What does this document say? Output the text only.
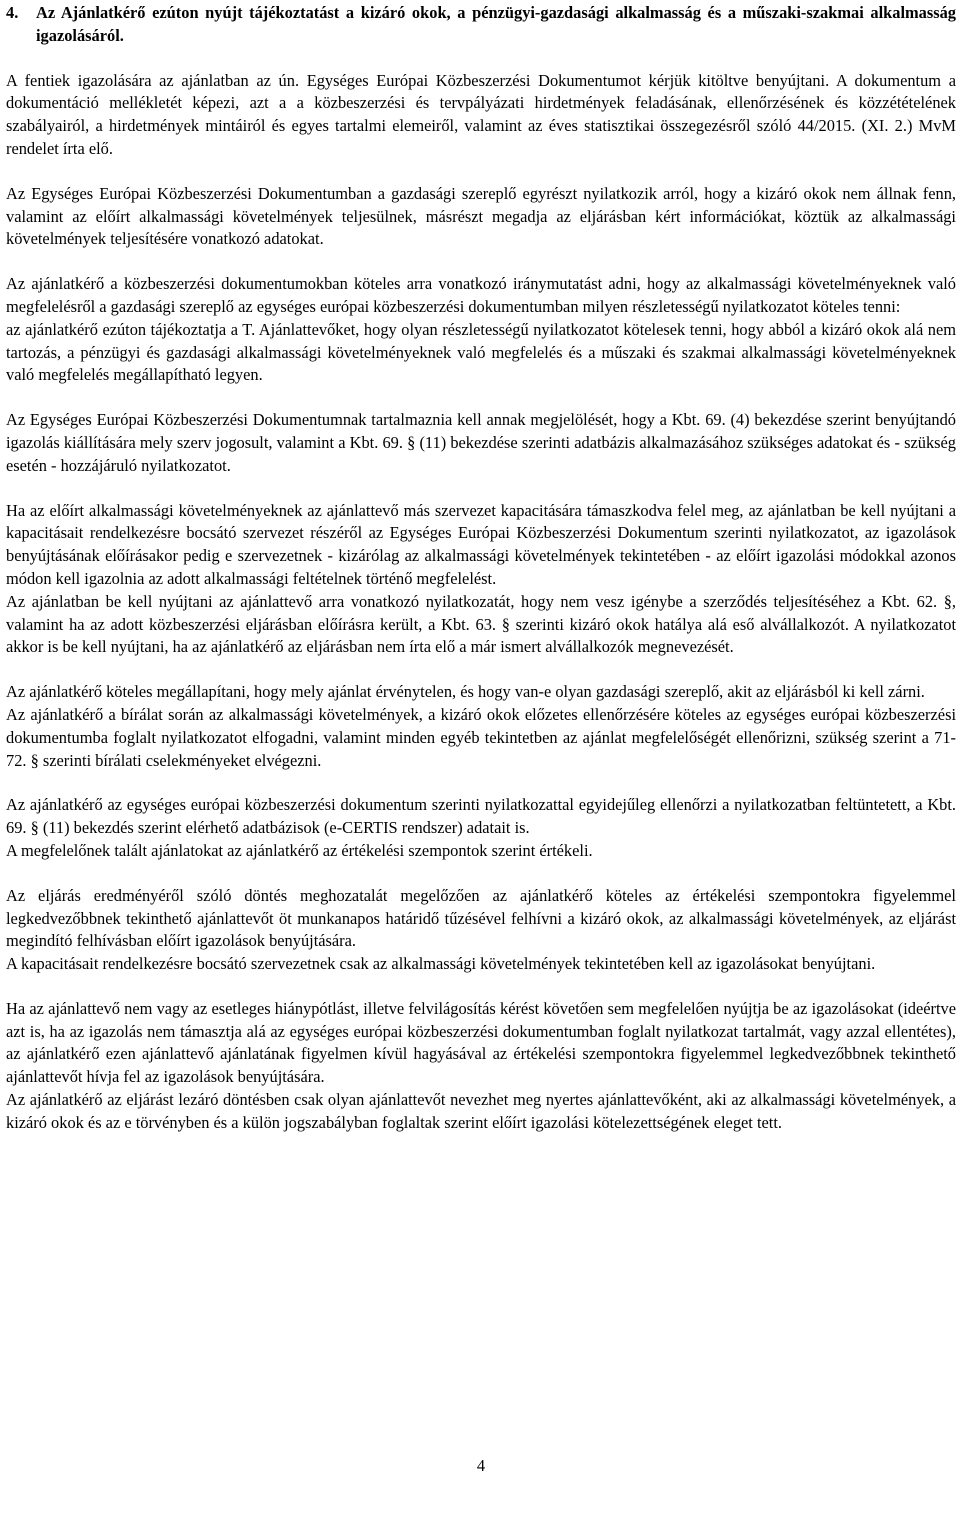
4.	Az Ajánlatkérő ezúton nyújt tájékoztatást a kizáró okok, a pénzügyi-gazdasági alkalmasság és a műszaki-szakmai alkalmasság igazolásáról.

A fentiek igazolására az ajánlatban az ún. Egységes Európai Közbeszerzési Dokumentumot kérjük kitöltve benyújtani. A dokumentum a dokumentáció mellékletét képezi, azt a a közbeszerzési és tervpályázati hirdetmények feladásának, ellenőrzésének és közzétételének szabályairól, a hirdetmények mintáiról és egyes tartalmi elemeiről, valamint az éves statisztikai összegezésről szóló 44/2015. (XI. 2.) MvM rendelet írta elő.

Az Egységes Európai Közbeszerzési Dokumentumban a gazdasági szereplő egyrészt nyilatkozik arról, hogy a kizáró okok nem állnak fenn, valamint az előírt alkalmassági követelmények teljesülnek, másrészt megadja az eljárásban kért információkat, köztük az alkalmassági követelmények teljesítésére vonatkozó adatokat.

Az ajánlatkérő a közbeszerzési dokumentumokban köteles arra vonatkozó iránymutatást adni, hogy az alkalmassági követelményeknek való megfelelésről a gazdasági szereplő az egységes európai közbeszerzési dokumentumban milyen részletességű nyilatkozatot köteles tenni:

az ajánlatkérő ezúton tájékoztatja a T. Ajánlattevőket, hogy olyan részletességű nyilatkozatot kötelesek tenni, hogy abból a kizáró okok alá nem tartozás, a pénzügyi és gazdasági alkalmassági követelményeknek való megfelelés és a műszaki és szakmai alkalmassági követelményeknek való megfelelés megállapítható legyen.

Az Egységes Európai Közbeszerzési Dokumentumnak tartalmaznia kell annak megjelölését, hogy a Kbt. 69. (4) bekezdése szerint benyújtandó igazolás kiállítására mely szerv jogosult, valamint a Kbt. 69. § (11) bekezdése szerinti adatbázis alkalmazásához szükséges adatokat és - szükség esetén - hozzájáruló nyilatkozatot.

Ha az előírt alkalmassági követelményeknek az ajánlattevő más szervezet kapacitására támaszkodva felel meg, az ajánlatban be kell nyújtani a kapacitásait rendelkezésre bocsátó szervezet részéről az Egységes Európai Közbeszerzési Dokumentum szerinti nyilatkozatot, az igazolások benyújtásának előírásakor pedig e szervezetnek - kizárólag az alkalmassági követelmények tekintetében - az előírt igazolási módokkal azonos módon kell igazolnia az adott alkalmassági feltételnek történő megfelelést.

Az ajánlatban be kell nyújtani az ajánlattevő arra vonatkozó nyilatkozatát, hogy nem vesz igénybe a szerződés teljesítéséhez a Kbt. 62. §, valamint ha az adott közbeszerzési eljárásban előírásra került, a Kbt. 63. § szerinti kizáró okok hatálya alá eső alvállalkozót. A nyilatkozatot akkor is be kell nyújtani, ha az ajánlatkérő az eljárásban nem írta elő a már ismert alvállalkozók megnevezését.

Az ajánlatkérő köteles megállapítani, hogy mely ajánlat érvénytelen, és hogy van-e olyan gazdasági szereplő, akit az eljárásból ki kell zárni.

Az ajánlatkérő a bírálat során az alkalmassági követelmények, a kizáró okok előzetes ellenőrzésére köteles az egységes európai közbeszerzési dokumentumba foglalt nyilatkozatot elfogadni, valamint minden egyéb tekintetben az ajánlat megfelelőségét ellenőrizni, szükség szerint a 71-72. § szerinti bírálati cselekményeket elvégezni.

Az ajánlatkérő az egységes európai közbeszerzési dokumentum szerinti nyilatkozattal egyidejűleg ellenőrzi a nyilatkozatban feltüntetett, a Kbt. 69. § (11) bekezdés szerint elérhető adatbázisok (e-CERTIS rendszer) adatait is.

A megfelelőnek talált ajánlatokat az ajánlatkérő az értékelési szempontok szerint értékeli.

Az eljárás eredményéről szóló döntés meghozatalát megelőzően az ajánlatkérő köteles az értékelési szempontokra figyelemmel legkedvezőbbnek tekinthető ajánlattevőt öt munkanapos határidő tűzésével felhívni a kizáró okok, az alkalmassági követelmények, az eljárást megindító felhívásban előírt igazolások benyújtására.

A kapacitásait rendelkezésre bocsátó szervezetnek csak az alkalmassági követelmények tekintetében kell az igazolásokat benyújtani.

Ha az ajánlattevő nem vagy az esetleges hiánypótlást, illetve felvilágosítás kérést követően sem megfelelően nyújtja be az igazolásokat (ideértve azt is, ha az igazolás nem támasztja alá az egységes európai közbeszerzési dokumentumban foglalt nyilatkozat tartalmát, vagy azzal ellentétes), az ajánlatkérő ezen ajánlattevő ajánlatának figyelmen kívül hagyásával az értékelési szempontokra figyelemmel legkedvezőbbnek tekinthető ajánlattevőt hívja fel az igazolások benyújtására.

Az ajánlatkérő az eljárást lezáró döntésben csak olyan ajánlattevőt nevezhet meg nyertes ajánlattevőként, aki az alkalmassági követelmények, a kizáró okok és az e törvényben és a külön jogszabályban foglaltak szerint előírt igazolási kötelezettségének eleget tett.

4
